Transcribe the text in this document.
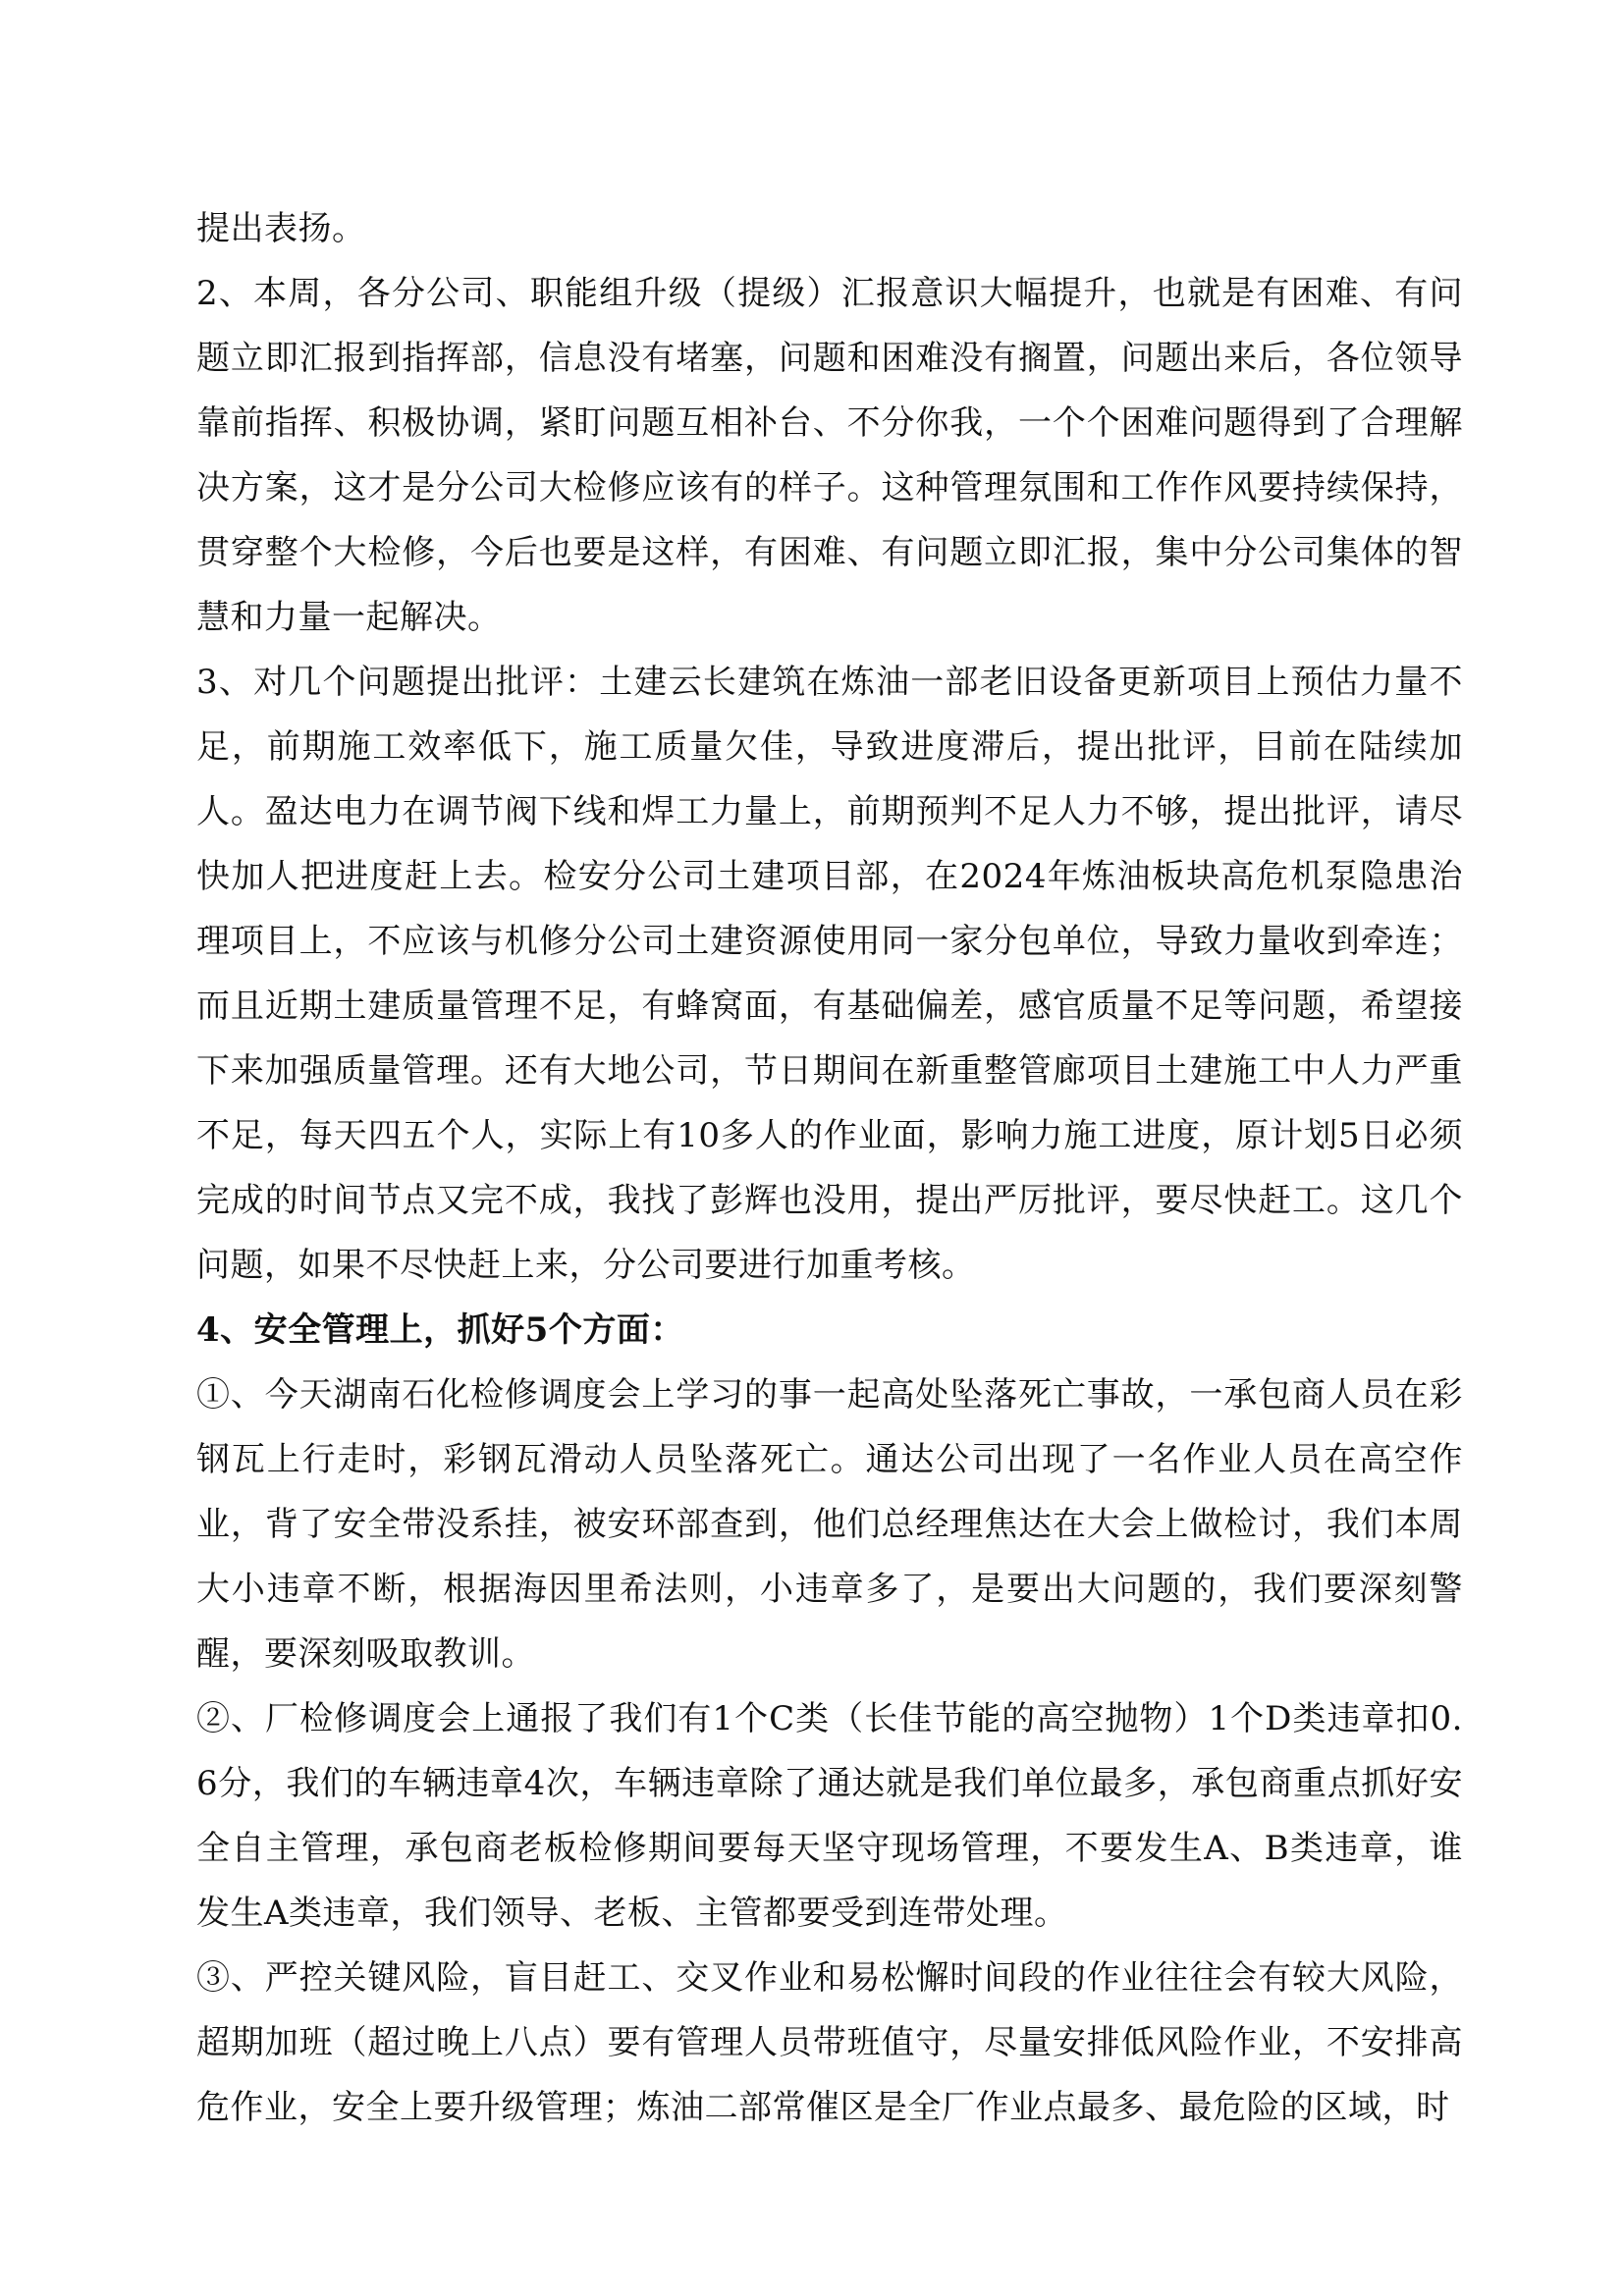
提出表扬。

2、本周，各分公司、职能组升级（提级）汇报意识大幅提升，也就是有困难、有问题立即汇报到指挥部，信息没有堵塞，问题和困难没有搁置，问题出来后，各位领导靠前指挥、积极协调，紧盯问题互相补台、不分你我，一个个困难问题得到了合理解决方案，这才是分公司大检修应该有的样子。这种管理氛围和工作作风要持续保持，贯穿整个大检修，今后也要是这样，有困难、有问题立即汇报，集中分公司集体的智慧和力量一起解决。

3、对几个问题提出批评：土建云长建筑在炼油一部老旧设备更新项目上预估力量不足，前期施工效率低下，施工质量欠佳，导致进度滞后，提出批评，目前在陆续加人。盈达电力在调节阀下线和焊工力量上，前期预判不足人力不够，提出批评，请尽快加人把进度赶上去。检安分公司土建项目部，在2024年炼油板块高危机泵隐患治理项目上，不应该与机修分公司土建资源使用同一家分包单位，导致力量收到牵连；而且近期土建质量管理不足，有蜂窝面，有基础偏差，感官质量不足等问题，希望接下来加强质量管理。还有大地公司，节日期间在新重整管廊项目土建施工中人力严重不足，每天四五个人，实际上有10多人的作业面，影响力施工进度，原计划5日必须完成的时间节点又完不成，我找了彭辉也没用，提出严厉批评，要尽快赶工。这几个问题，如果不尽快赶上来，分公司要进行加重考核。

4、安全管理上，抓好5个方面：

①、今天湖南石化检修调度会上学习的事一起高处坠落死亡事故，一承包商人员在彩钢瓦上行走时，彩钢瓦滑动人员坠落死亡。通达公司出现了一名作业人员在高空作业，背了安全带没系挂，被安环部查到，他们总经理焦达在大会上做检讨，我们本周大小违章不断，根据海因里希法则，小违章多了，是要出大问题的，我们要深刻警醒，要深刻吸取教训。

②、厂检修调度会上通报了我们有1个C类（长佳节能的高空抛物）1个D类违章扣0.6分，我们的车辆违章4次，车辆违章除了通达就是我们单位最多，承包商重点抓好安全自主管理，承包商老板检修期间要每天坚守现场管理，不要发生A、B类违章，谁发生A类违章，我们领导、老板、主管都要受到连带处理。

③、严控关键风险，盲目赶工、交叉作业和易松懈时间段的作业往往会有较大风险，超期加班（超过晚上八点）要有管理人员带班值守，尽量安排低风险作业，不安排高危作业，安全上要升级管理；炼油二部常催区是全厂作业点最多、最危险的区域，时
